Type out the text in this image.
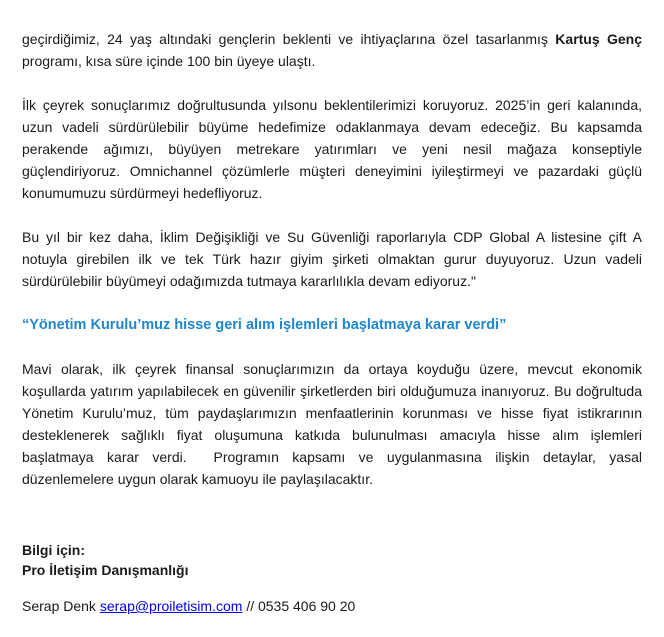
geçirdiğimiz, 24 yaş altındaki gençlerin beklenti ve ihtiyaçlarına özel tasarlanmış Kartuş Genç programı, kısa süre içinde 100 bin üyeye ulaştı.

İlk çeyrek sonuçlarımız doğrultusunda yılsonu beklentilerimizi koruyoruz. 2025’in geri kalanında, uzun vadeli sürdürülebilir büyüme hedefimize odaklanmaya devam edeceğiz. Bu kapsamda perakende ağımızı, büyüyen metrekare yatırımları ve yeni nesil mağaza konseptiyle güçlendiriyoruz. Omnichannel çözümlerle müşteri deneyimini iyileştirmeyi ve pazardaki güçlü konumumuzu sürdürmeyi hedefliyoruz.

Bu yıl bir kez daha, İklim Değişikliği ve Su Güvenliği raporlarıyla CDP Global A listesine çift A notuyla girebilen ilk ve tek Türk hazır giyim şirketi olmaktan gurur duyuyoruz. Uzun vadeli sürdürülebilir büyümeyi odağımızda tutmaya kararlılıkla devam ediyoruz."

“Yönetim Kurulu’muz hisse geri alım işlemleri başlatmaya karar verdi”

Mavi olarak, ilk çeyrek finansal sonuçlarımızın da ortaya koyduğu üzere, mevcut ekonomik koşullarda yatırım yapılabilecek en güvenilir şirketlerden biri olduğumuza inanıyoruz. Bu doğrultuda Yönetim Kurulu’muz, tüm paydaşlarımızın menfaatlerinin korunması ve hisse fiyat istikrarının desteklenerek sağlıklı fiyat oluşumuna katkıda bulunulması amacıyla hisse alım işlemleri başlatmaya karar verdi.  Programın kapsamı ve uygulanmasına ilişkin detaylar, yasal düzenlemelere uygun olarak kamuoyu ile paylaşılacaktır.

Bilgi için:

Pro İletişim Danışmanlığı

Serap Denk serap@proiletisim.com // 0535 406 90 20
